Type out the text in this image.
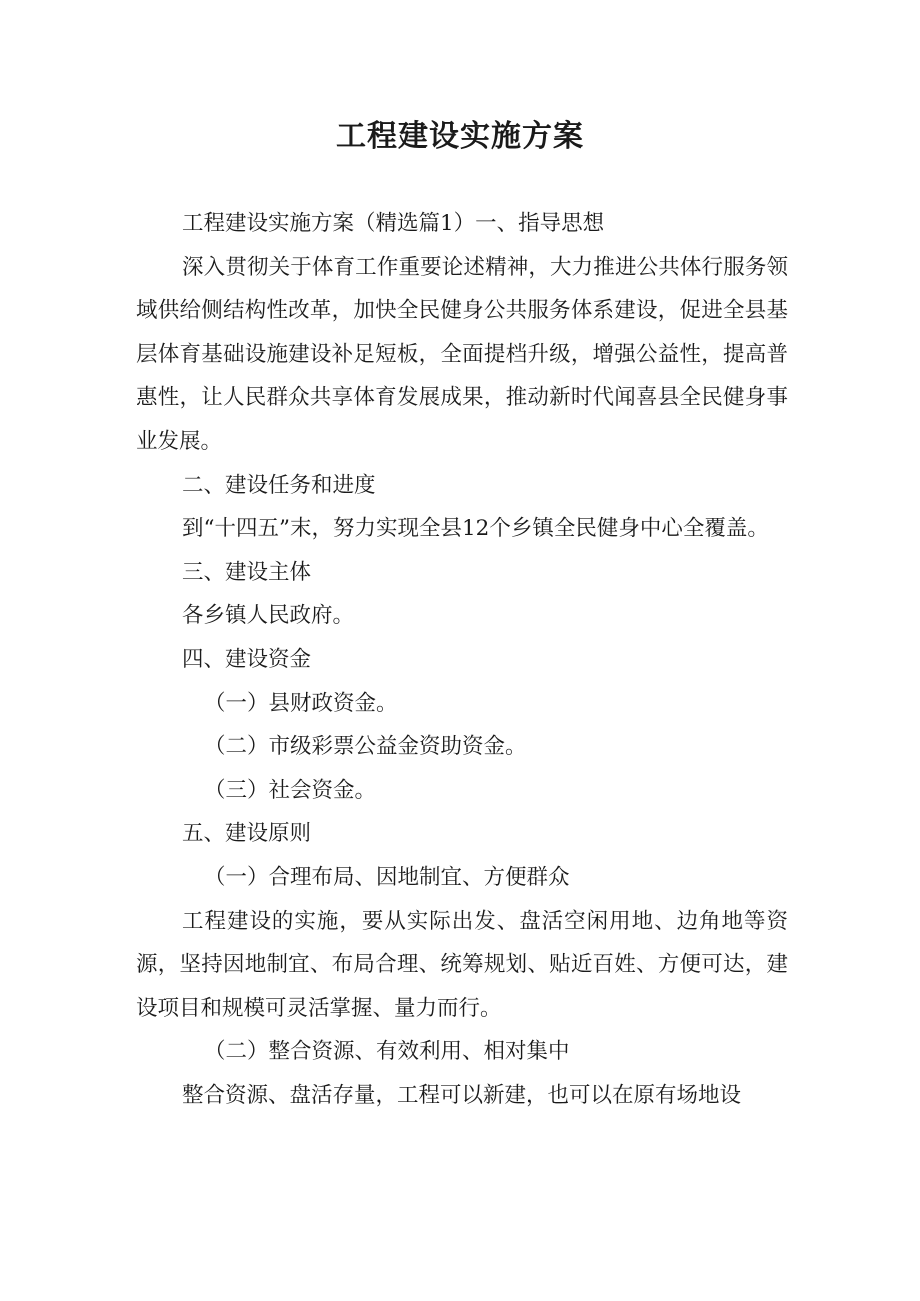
工程建设实施方案

工程建设实施方案（精选篇1）一、指导思想

深入贯彻关于体育工作重要论述精神，大力推进公共体行服务领域供给侧结构性改革，加快全民健身公共服务体系建设，促进全县基层体育基础设施建设补足短板，全面提档升级，增强公益性，提高普惠性，让人民群众共享体育发展成果，推动新时代闻喜县全民健身事业发展。

二、建设任务和进度

到“十四五”末，努力实现全县12个乡镇全民健身中心全覆盖。

三、建设主体

各乡镇人民政府。

四、建设资金

（一）县财政资金。

（二）市级彩票公益金资助资金。

（三）社会资金。

五、建设原则

（一）合理布局、因地制宜、方便群众

工程建设的实施，要从实际出发、盘活空闲用地、边角地等资源，坚持因地制宜、布局合理、统筹规划、贴近百姓、方便可达，建设项目和规模可灵活掌握、量力而行。

（二）整合资源、有效利用、相对集中

整合资源、盘活存量，工程可以新建，也可以在原有场地设
